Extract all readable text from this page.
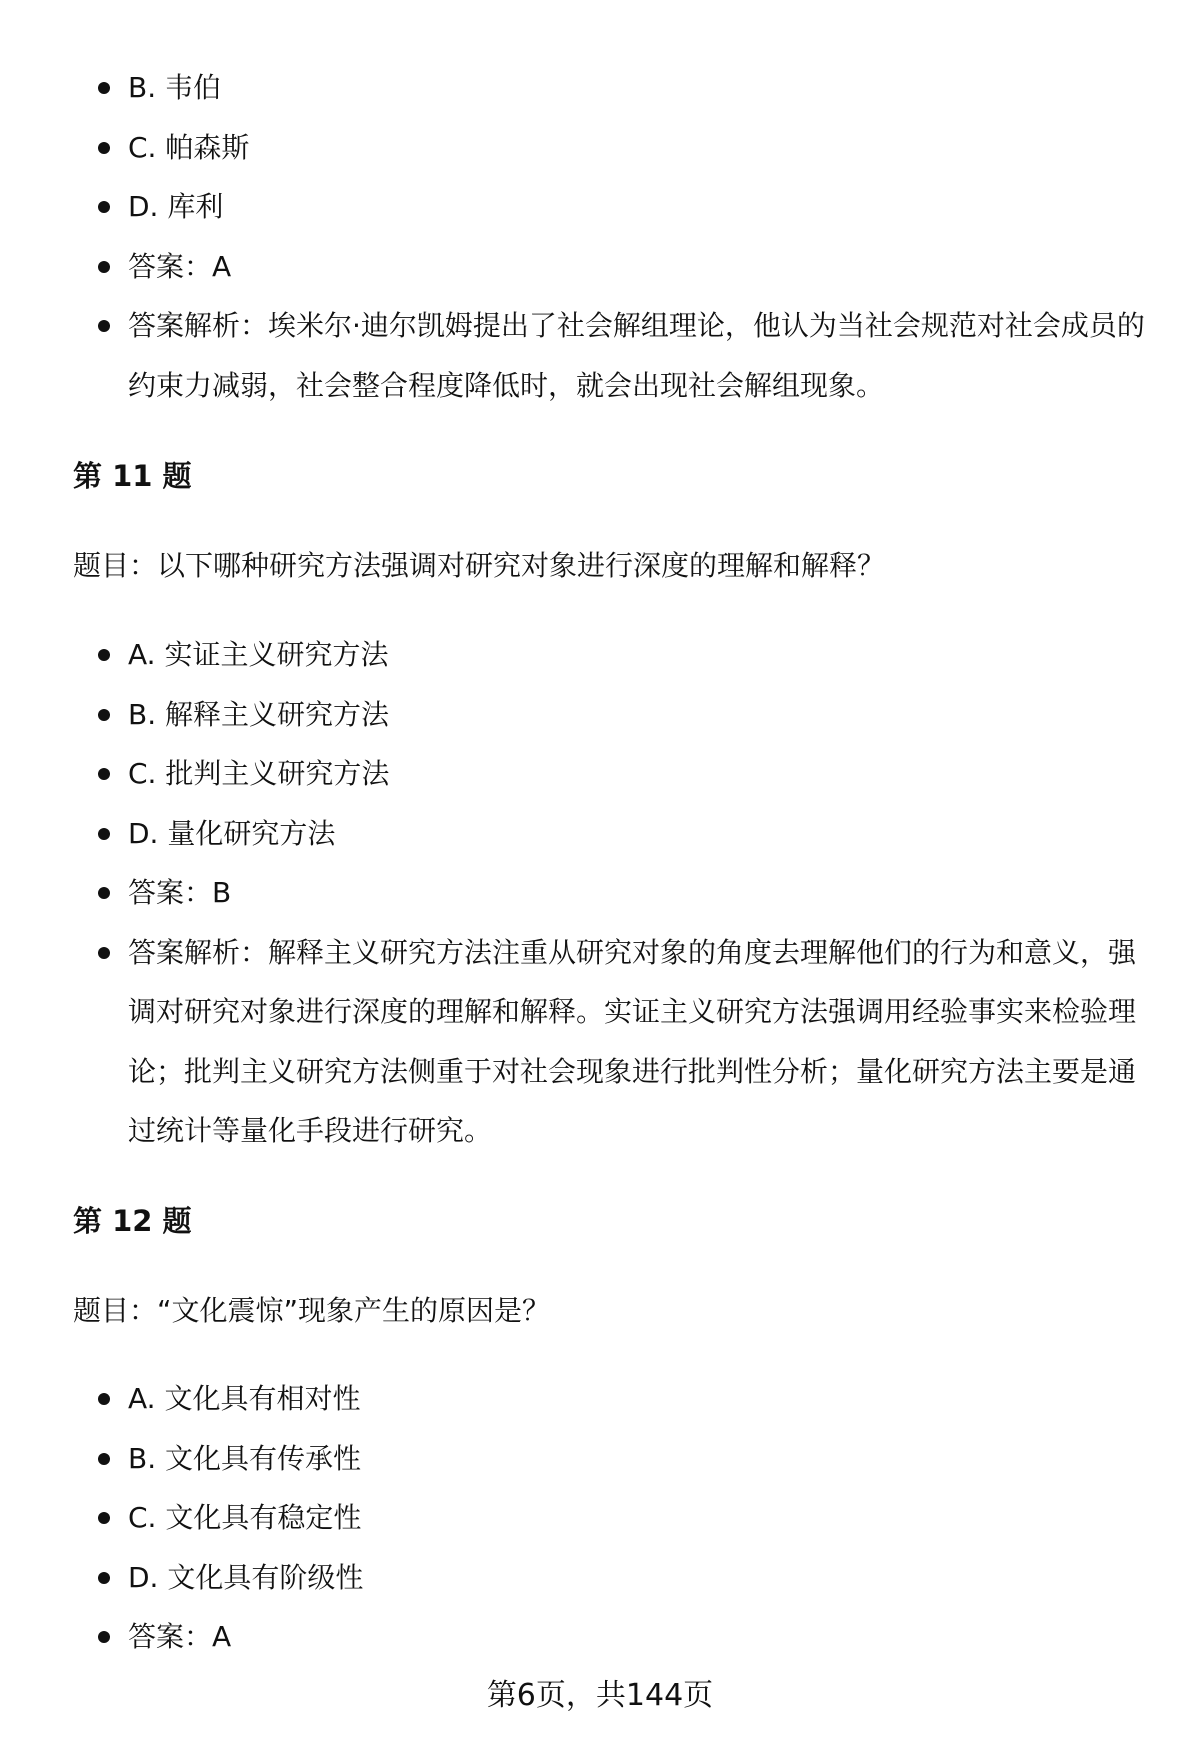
B. 韦伯
C. 帕森斯
D. 库利
答案：A
答案解析：埃米尔·迪尔凯姆提出了社会解组理论，他认为当社会规范对社会成员的约束力减弱，社会整合程度降低时，就会出现社会解组现象。
第 11 题

题目：以下哪种研究方法强调对研究对象进行深度的理解和解释？

A. 实证主义研究方法
B. 解释主义研究方法
C. 批判主义研究方法
D. 量化研究方法
答案：B
答案解析：解释主义研究方法注重从研究对象的角度去理解他们的行为和意义，强调对研究对象进行深度的理解和解释。实证主义研究方法强调用经验事实来检验理论；批判主义研究方法侧重于对社会现象进行批判性分析；量化研究方法主要是通过统计等量化手段进行研究。
第 12 题

题目：“文化震惊”现象产生的原因是？

A. 文化具有相对性
B. 文化具有传承性
C. 文化具有稳定性
D. 文化具有阶级性
答案：A
第6页，共144页
